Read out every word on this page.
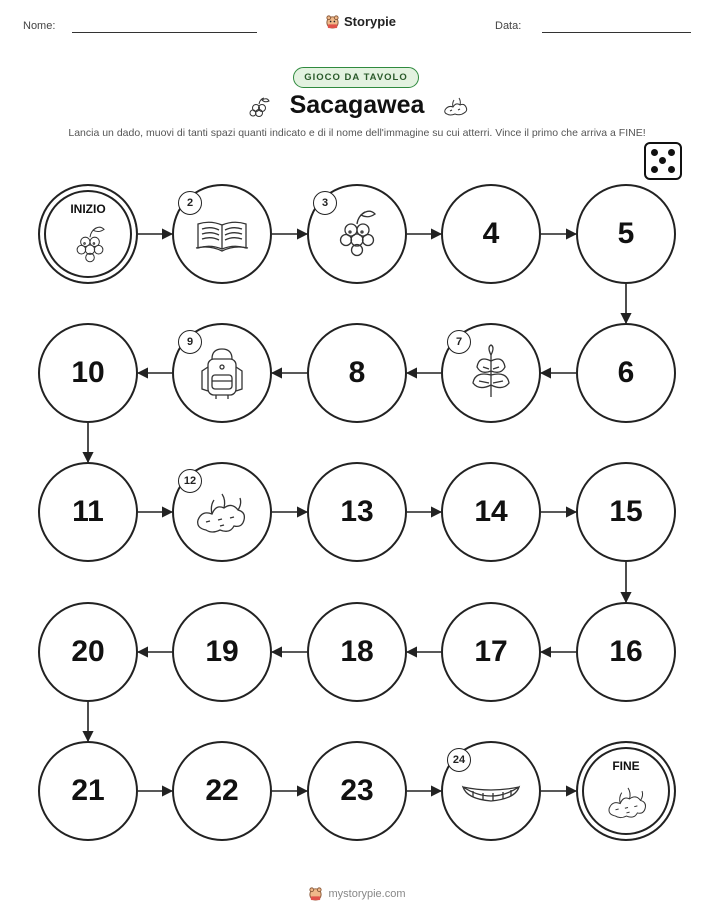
Nome:	Storypie	Data:
GIOCO DA TAVOLO
Sacagawea
Lancia un dado, muovi di tanti spazi quanti indicato e di il nome dell'immagine su cui atterri. Vince il primo che arriva a FINE!
INIZIO	2	3
4	5
6
7
8
9
10
11
12
13	14	15
16
17
18
19
20
21	22	23
24	FINE
mystorypie.com
